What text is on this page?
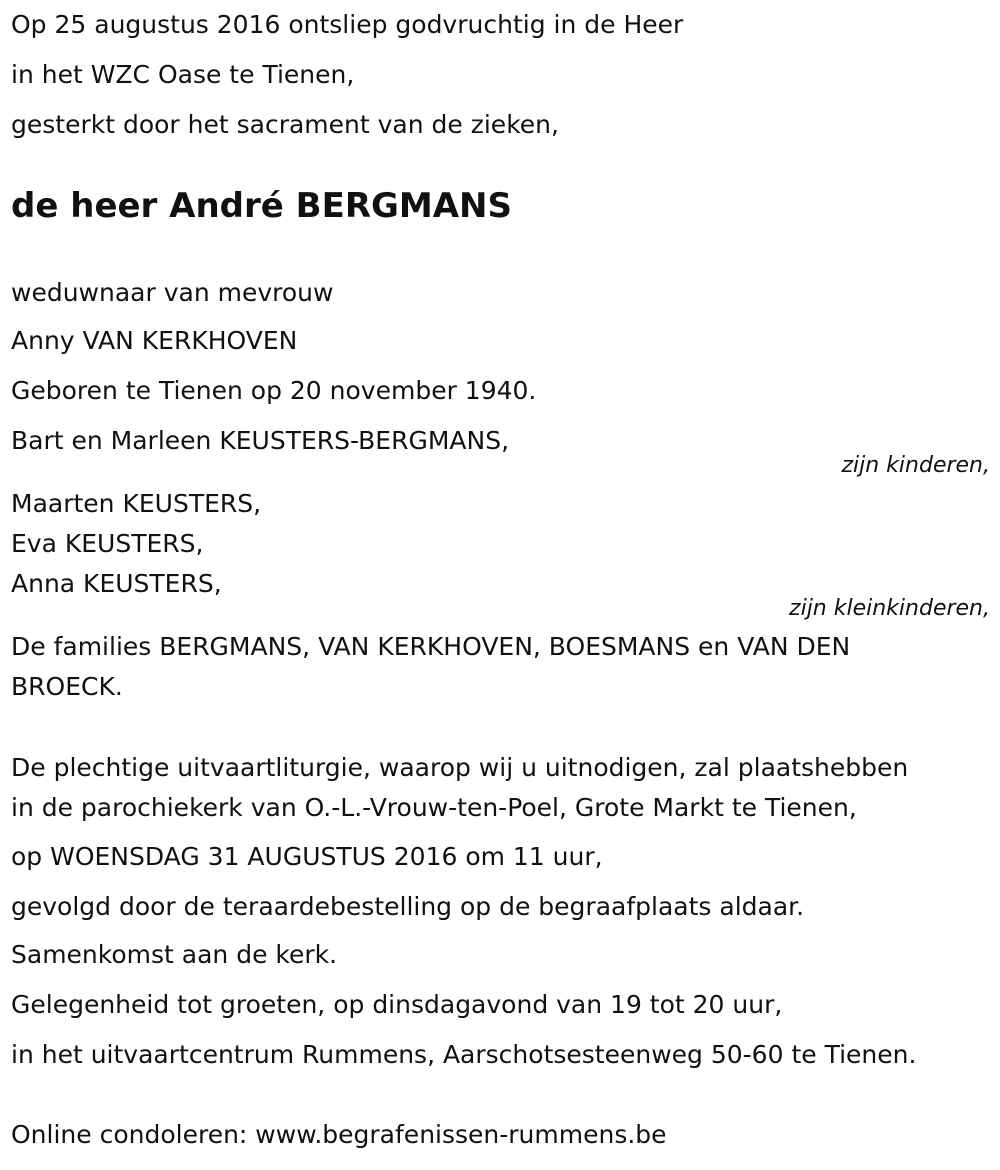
Op 25 augustus 2016 ontsliep godvruchtig in de Heer

in het WZC Oase te Tienen,

gesterkt door het sacrament van de zieken,

de heer André BERGMANS

weduwnaar van mevrouw

Anny VAN KERKHOVEN

Geboren te Tienen op 20 november 1940.

Bart en Marleen KEUSTERS-BERGMANS,

zijn kinderen,

Maarten KEUSTERS,

Eva KEUSTERS,

Anna KEUSTERS,

zijn kleinkinderen,

De families BERGMANS, VAN KERKHOVEN, BOESMANS en VAN DEN

BROECK.

De plechtige uitvaartliturgie, waarop wij u uitnodigen, zal plaatshebben

in de parochiekerk van O.-L.-Vrouw-ten-Poel, Grote Markt te Tienen,

op WOENSDAG 31 AUGUSTUS 2016 om 11 uur,

gevolgd door de teraardebestelling op de begraafplaats aldaar.

Samenkomst aan de kerk.

Gelegenheid tot groeten, op dinsdagavond van 19 tot 20 uur,

in het uitvaartcentrum Rummens, Aarschotsesteenweg 50-60 te Tienen.

Online condoleren: www.begrafenissen-rummens.be
